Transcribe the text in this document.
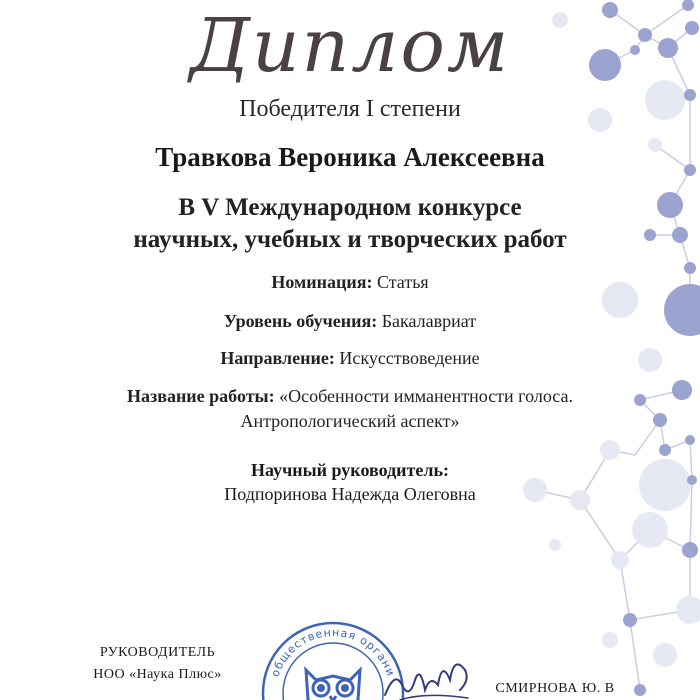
Диплом
Победителя I степени
Травкова Вероника Алексеевна
В V Международном конкурсе
научных, учебных и творческих работ
Номинация: Статья
Уровень обучения: Бакалавриат
Направление: Искусствоведение
Название работы: «Особенности имманентности голоса.
Антропологический аспект»
Научный руководитель:
Подпоринова Надежда Олеговна
РУКОВОДИТЕЛЬ
НОО «Наука Плюс»	общественная органи
СМИРНОВА Ю. В
